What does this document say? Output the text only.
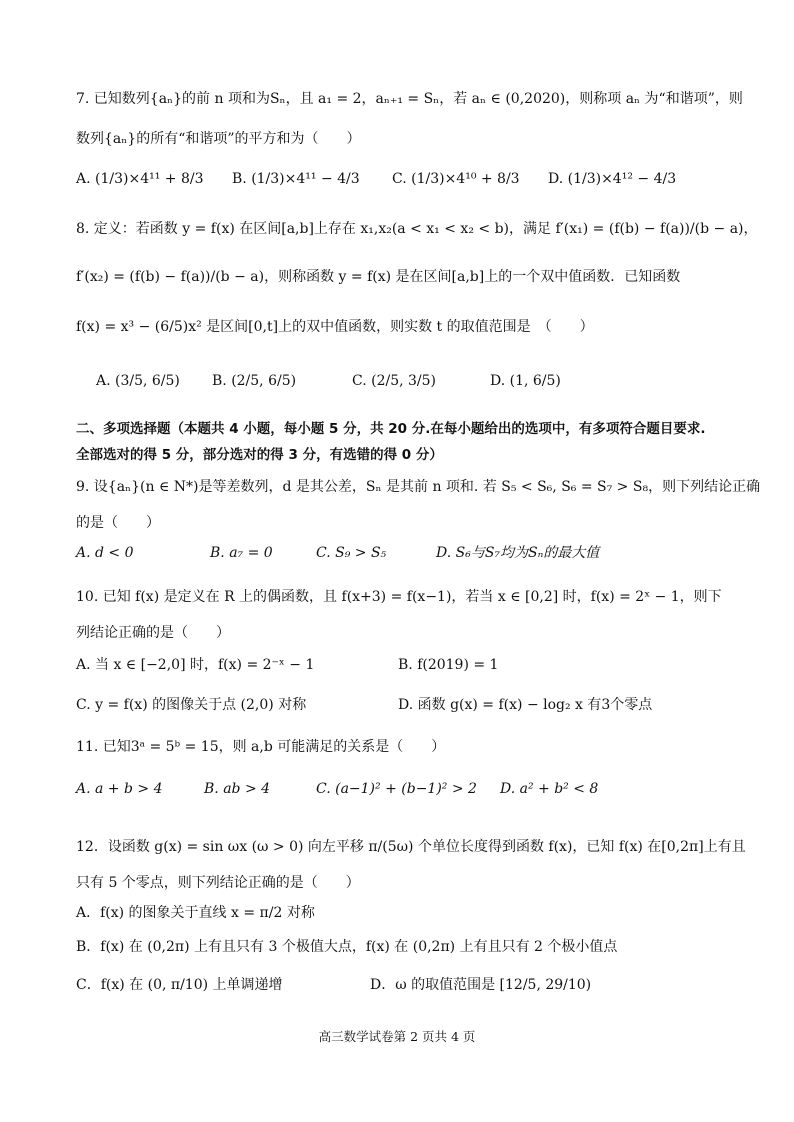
7. 已知数列{aₙ}的前 n 项和为Sₙ，且 a₁ = 2，aₙ₊₁ = Sₙ，若 aₙ ∈ (0,2020)，则称项 aₙ 为“和谐项”，则
数列{aₙ}的所有“和谐项”的平方和为（　　）
A. (1/3)×4¹¹ + 8/3 B. (1/3)×4¹¹ − 4/3 C. (1/3)×4¹⁰ + 8/3 D. (1/3)×4¹² − 4/3
8. 定义：若函数 y = f(x) 在区间[a,b]上存在 x₁,x₂(a < x₁ < x₂ < b)，满足 f′(x₁) = (f(b) − f(a))/(b − a)，
f′(x₂) = (f(b) − f(a))/(b − a)，则称函数 y = f(x) 是在区间[a,b]上的一个双中值函数．已知函数
f(x) = x³ − (6/5)x² 是区间[0,t]上的双中值函数，则实数 t 的取值范围是　（　　）
A. (3/5, 6/5) B. (2/5, 6/5)	C. (2/5, 3/5)	D. (1, 6/5)
二、多项选择题（本题共 4 小题，每小题 5 分，共 20 分.在每小题给出的选项中，有多项符合题目要求.
全部选对的得 5 分，部分选对的得 3 分，有选错的得 0 分）
9. 设{aₙ}(n ∈ N*)是等差数列，d 是其公差，Sₙ 是其前 n 项和. 若 S₅ < S₆, S₆ = S₇ > S₈，则下列结论正确
的是（　　）
A. d < 0	B. a₇ = 0	C. S₉ > S₅	D. S₆与S₇均为Sₙ的最大值
10. 已知 f(x) 是定义在 R 上的偶函数，且 f(x+3) = f(x−1)，若当 x ∈ [0,2] 时，f(x) = 2ˣ − 1，则下
列结论正确的是（　　）
A. 当 x ∈ [−2,0] 时，f(x) = 2⁻ˣ − 1	B. f(2019) = 1
C. y = f(x) 的图像关于点 (2,0) 对称	D. 函数 g(x) = f(x) − log₂ x 有3个零点
11. 已知3ᵃ = 5ᵇ = 15，则 a,b 可能满足的关系是（　　）
A. a + b > 4	B. ab > 4	C. (a−1)² + (b−1)² > 2 D. a² + b² < 8
12．设函数 g(x) = sin ωx (ω > 0) 向左平移 π/(5ω) 个单位长度得到函数 f(x)，已知 f(x) 在[0,2π]上有且
只有 5 个零点，则下列结论正确的是（　　）
A．f(x) 的图象关于直线 x = π/2 对称
B．f(x) 在 (0,2π) 上有且只有 3 个极值大点，f(x) 在 (0,2π) 上有且只有 2 个极小值点
C．f(x) 在 (0, π/10) 上单调递增	D．ω 的取值范围是 [12/5, 29/10)
高三数学试卷第 2 页共 4 页
